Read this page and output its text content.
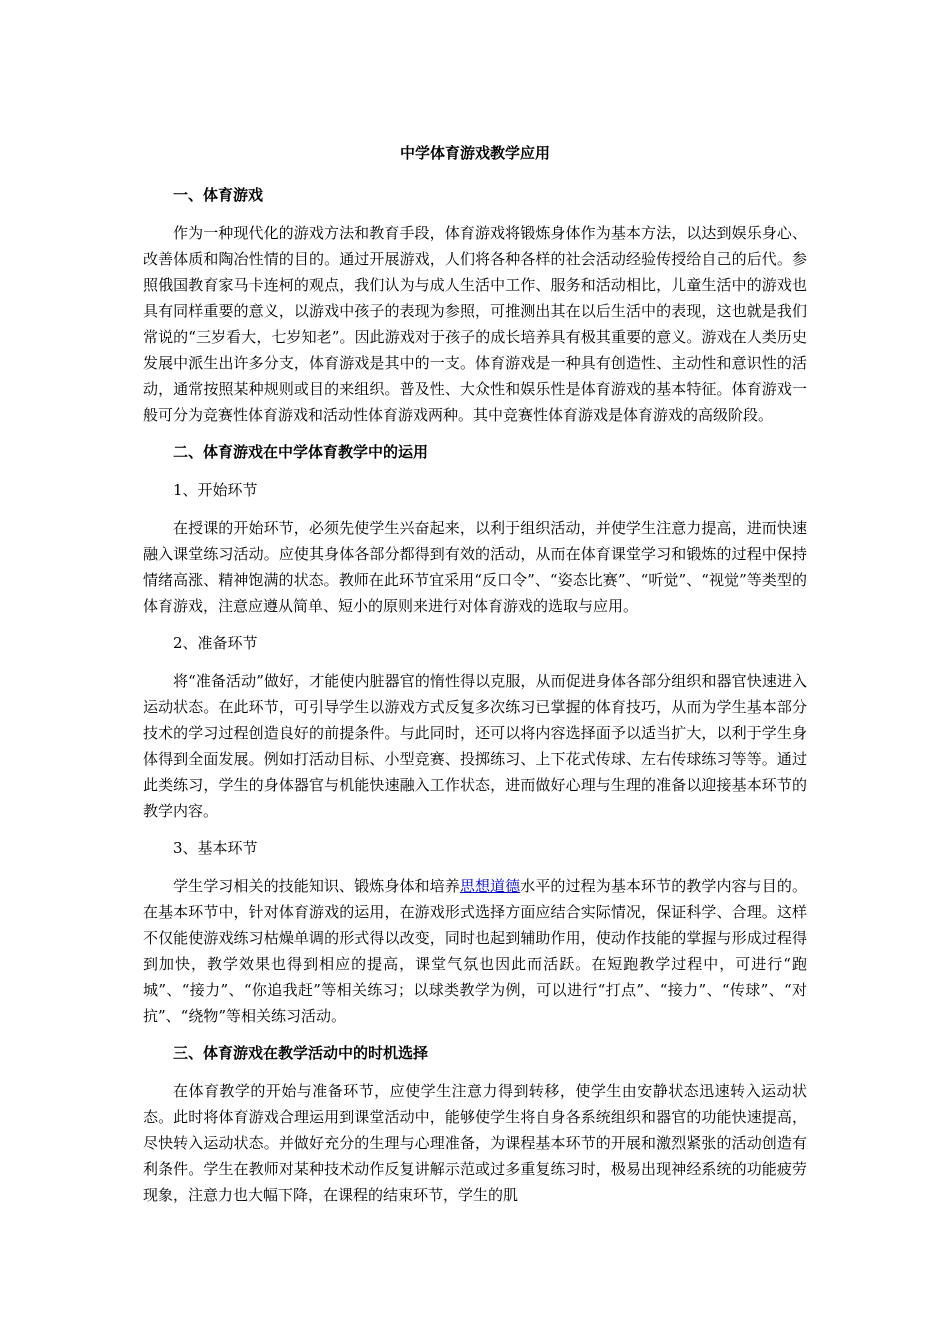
中学体育游戏教学应用
一、体育游戏
作为一种现代化的游戏方法和教育手段，体育游戏将锻炼身体作为基本方法，以达到娱乐身心、改善体质和陶冶性情的目的。通过开展游戏，人们将各种各样的社会活动经验传授给自己的后代。参照俄国教育家马卡连柯的观点，我们认为与成人生活中工作、服务和活动相比，儿童生活中的游戏也具有同样重要的意义，以游戏中孩子的表现为参照，可推测出其在以后生活中的表现，这也就是我们常说的“三岁看大，七岁知老”。因此游戏对于孩子的成长培养具有极其重要的意义。游戏在人类历史发展中派生出许多分支，体育游戏是其中的一支。体育游戏是一种具有创造性、主动性和意识性的活动，通常按照某种规则或目的来组织。普及性、大众性和娱乐性是体育游戏的基本特征。体育游戏一般可分为竞赛性体育游戏和活动性体育游戏两种。其中竞赛性体育游戏是体育游戏的高级阶段。
二、体育游戏在中学体育教学中的运用
1、开始环节
在授课的开始环节，必须先使学生兴奋起来，以利于组织活动，并使学生注意力提高，进而快速融入课堂练习活动。应使其身体各部分都得到有效的活动，从而在体育课堂学习和锻炼的过程中保持情绪高涨、精神饱满的状态。教师在此环节宜采用“反口令”、“姿态比赛”、“听觉”、“视觉”等类型的体育游戏，注意应遵从简单、短小的原则来进行对体育游戏的选取与应用。
2、准备环节
将“准备活动”做好，才能使内脏器官的惰性得以克服，从而促进身体各部分组织和器官快速进入运动状态。在此环节，可引导学生以游戏方式反复多次练习已掌握的体育技巧，从而为学生基本部分技术的学习过程创造良好的前提条件。与此同时，还可以将内容选择面予以适当扩大，以利于学生身体得到全面发展。例如打活动目标、小型竞赛、投掷练习、上下花式传球、左右传球练习等等。通过此类练习，学生的身体器官与机能快速融入工作状态，进而做好心理与生理的准备以迎接基本环节的教学内容。
3、基本环节
学生学习相关的技能知识、锻炼身体和培养思想道德水平的过程为基本环节的教学内容与目的。在基本环节中，针对体育游戏的运用，在游戏形式选择方面应结合实际情况，保证科学、合理。这样不仅能使游戏练习枯燥单调的形式得以改变，同时也起到辅助作用，使动作技能的掌握与形成过程得到加快，教学效果也得到相应的提高，课堂气氛也因此而活跃。在短跑教学过程中，可进行“跑城”、“接力”、“你追我赶”等相关练习；以球类教学为例，可以进行“打点”、“接力”、“传球”、“对抗”、“绕物”等相关练习活动。
三、体育游戏在教学活动中的时机选择
在体育教学的开始与准备环节，应使学生注意力得到转移，使学生由安静状态迅速转入运动状态。此时将体育游戏合理运用到课堂活动中，能够使学生将自身各系统组织和器官的功能快速提高，尽快转入运动状态。并做好充分的生理与心理准备，为课程基本环节的开展和激烈紧张的活动创造有利条件。学生在教师对某种技术动作反复讲解示范或过多重复练习时，极易出现神经系统的功能疲劳现象，注意力也大幅下降，在课程的结束环节，学生的肌
